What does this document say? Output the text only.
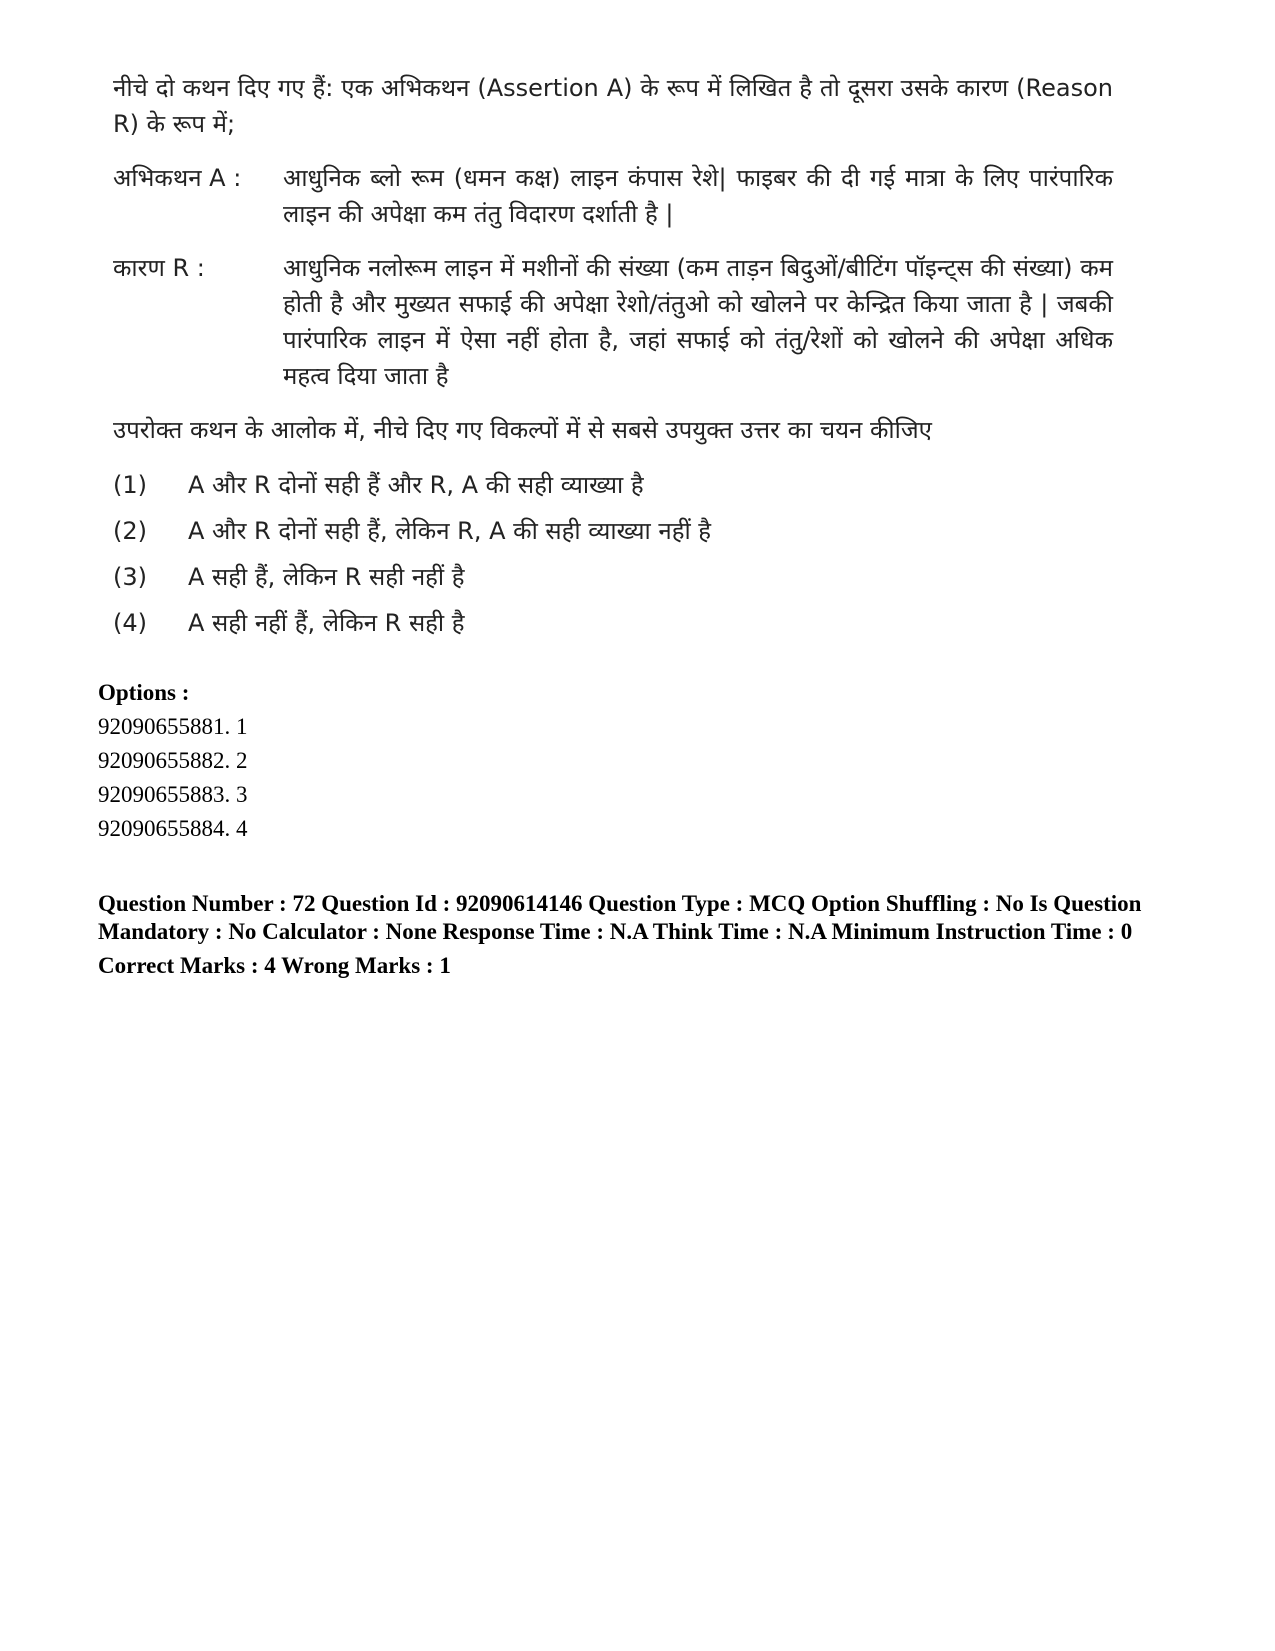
नीचे दो कथन दिए गए हैं: एक अभिकथन (Assertion A) के रूप में लिखित है तो दूसरा उसके कारण (Reason R) के रूप में;

अभिकथन A :	आधुनिक ब्लो रूम (धमन कक्ष) लाइन कंपास रेशे| फाइबर की दी गई मात्रा के लिए पारंपारिक लाइन की अपेक्षा कम तंतु विदारण दर्शाती है |
कारण R :	आधुनिक नलोरूम लाइन में मशीनों की संख्या (कम ताड़न बिदुओं/बीटिंग पॉइन्ट्स की संख्या) कम होती है और मुख्यत सफाई की अपेक्षा रेशो/तंतुओ को खोलने पर केन्द्रित किया जाता है | जबकी पारंपारिक लाइन में ऐसा नहीं होता है, जहां सफाई को तंतु/रेशों को खोलने की अपेक्षा अधिक महत्व दिया जाता है

उपरोक्त कथन के आलोक में, नीचे दिए गए विकल्पों में से सबसे उपयुक्त उत्तर का चयन कीजिए

(1)	A और R दोनों सही हैं और R, A की सही व्याख्या है
(2)	A और R दोनों सही हैं, लेकिन R, A की सही व्याख्या नहीं है
(3)	A सही हैं, लेकिन R सही नहीं है
(4)	A सही नहीं हैं, लेकिन R सही है
Options :
92090655881. 1
92090655882. 2
92090655883. 3
92090655884. 4
Question Number : 72 Question Id : 92090614146 Question Type : MCQ Option Shuffling : No Is Question Mandatory : No Calculator : None Response Time : N.A Think Time : N.A Minimum Instruction Time : 0
Correct Marks : 4 Wrong Marks : 1
